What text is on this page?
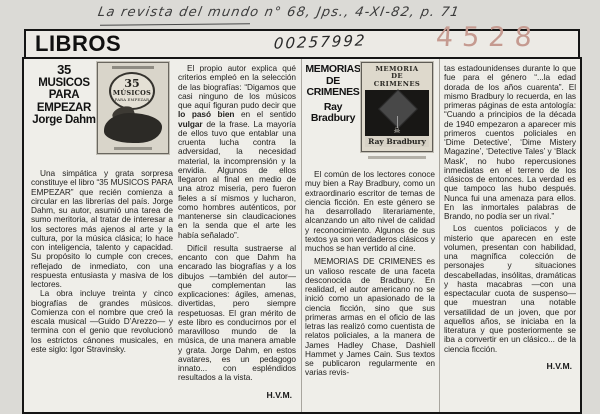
La revista del mundo n° 68, Jps., 4-XI-82, p. 71
LIBROS	00257992	4528
35
MUSICOS
PARA
EMPEZAR
Jorge Dahm
35
MÚSICOS
PARA EMPEZAR

Una simpática y grata sorpresa constituye el libro “35 MUSICOS PARA EMPEZAR” que recién comienza a circular en las librerías del país. Jorge Dahm, su autor, asumió una tarea de sumo meritoria, al tratar de interesar a los sectores más ajenos al arte y la cultura, por la música clásica; lo hace con inteligencia, talento y capacidad. Su propósito lo cumple con creces, reflejado de inmediato, con una respuesta entusiasta y masiva de los lectores.

La obra incluye treinta y cinco biografías de grandes músicos. Comienza con el nombre que creó la escala musical —Guido D’Arezzo— y termina con el genio que revolucionó los estrictos cánones musicales, en este siglo: Igor Stravinsky.

El propio autor explica qué criterios empleó en la selección de las biografías: “Digamos que casi ninguno de los músicos que aquí figuran pudo decir que lo pasó bien en el sentido vulgar de la frase. La mayoría de ellos tuvo que entablar una cruenta lucha contra la adversidad, la necesidad material, la incomprensión y la envidia. Algunos de ellos llegaron al final en medio de una atroz miseria, pero fueron fieles a sí mismos y lucharon, como hombres auténticos, por mantenerse sin claudicaciones en la senda que el arte les había señalado”.

Difícil resulta sustraerse al encanto con que Dahm ha encarado las biografías y a los dibujos —también del autor— que complementan las explicaciones: ágiles, amenas, divertidas, pero siempre respetuosas. El gran mérito de este libro es conducirnos por el maravilloso mundo de la música, de una manera amable y grata. Jorge Dahm, en estos avatares, es un pedagogo innato... con espléndidos resultados a la vista.

H.V.M.
MEMORIAS
DE
CRIMENES
Ray
Bradbury
MEMORIA
DE
CRIMENES
☠
Ray Bradbury

El común de los lectores conoce muy bien a Ray Bradbury, como un extraordinario escritor de temas de ciencia ficción. En este género se ha desarrollado literariamente, alcanzando un alto nivel de calidad y reconocimiento. Algunos de sus textos ya son verdaderos clásicos y muchos se han vertido al cine.

MEMORIAS DE CRIMENES es un valioso rescate de una faceta desconocida de Bradbury. En realidad, el autor americano no se inició como un apasionado de la ciencia ficción, sino que sus primeras armas en el oficio de las letras las realizó como cuentista de relatos policiales, a la manera de James Hadley Chase, Dashiell Hammet y James Cain. Sus textos se publicaron regularmente en varias revis-

tas estadounidenses durante lo que fue para el género “...la edad dorada de los años cuarenta”. El mismo Bradbury lo recuerda, en las primeras páginas de esta antología: “Cuando a principios de la década de 1940 empezaron a aparecer mis primeros cuentos policiales en ‘Dime Detective’, ‘Dime Mistery Magazine’, ‘Detective Tales’ y ‘Black Mask’, no hubo repercusiones inmediatas en el terreno de los clásicos de entonces. La verdad es que tampoco las hubo después. Nunca fui una amenaza para ellos. En las inmortales palabras de Brando, no podía ser un rival.”

Los cuentos policiacos y de misterio que aparecen en este volumen, presentan con habilidad, una magnífica colección de personajes y situaciones descabelladas, insólitas, dramáticas y hasta macabras —con una espectacular cuota de suspenso— que muestran una notable versatilidad de un joven, que por aquellos años, se iniciaba en la literatura y que posteriormente se iba a convertir en un clásico... de la ciencia ficción.

H.V.M.
